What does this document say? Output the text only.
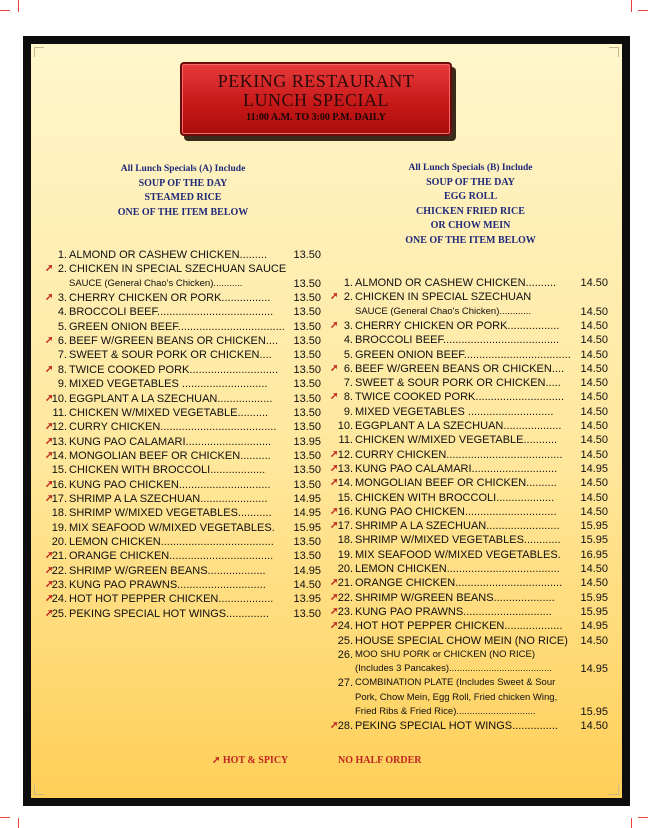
PEKING RESTAURANT
LUNCH SPECIAL
11:00 A.M. TO 3:00 P.M. DAILY
All Lunch Specials (A) Include
SOUP OF THE DAY
STEAMED RICE
ONE OF THE ITEM BELOW
All Lunch Specials (B) Include
SOUP OF THE DAY
EGG ROLL
CHICKEN FRIED RICE
OR CHOW MEIN
ONE OF THE ITEM BELOW
1. ALMOND OR CASHEW CHICKEN.........	13.50
➚ 2. CHICKEN IN SPECIAL SZECHUAN SAUCE
SAUCE (General Chao's Chicken)...........	13.50
➚ 3. CHERRY CHICKEN OR PORK................	13.50
4. BROCCOLI BEEF......................................	13.50
5. GREEN ONION BEEF................................... 13.50
➚ 6. BEEF W/GREEN BEANS OR CHICKEN....	13.50
7. SWEET & SOUR PORK OR CHICKEN....	13.50
➚ 8. TWICE COOKED PORK.............................	13.50
9. MIXED VEGETABLES ............................	13.50
➚
10. EGGPLANT A LA SZECHUAN..................	13.50
11. CHICKEN W/MIXED VEGETABLE..........	13.50
➚
12. CURRY CHICKEN......................................	13.50
➚
13. KUNG PAO CALAMARI............................	13.95
➚
14. MONGOLIAN BEEF OR CHICKEN..........	13.50
15. CHICKEN WITH BROCCOLI..................	13.50
➚
16. KUNG PAO CHICKEN..............................	13.50
➚
17. SHRIMP A LA SZECHUAN......................	14.95
18. SHRIMP W/MIXED VEGETABLES...........	14.95
19. MIX SEAFOOD W/MIXED VEGETABLES.	15.95
20. LEMON CHICKEN.....................................	13.50
➚
21. ORANGE CHICKEN..................................	13.50
➚
22. SHRIMP W/GREEN BEANS...................	14.95
➚
23. KUNG PAO PRAWNS.............................	14.50
➚
24. HOT HOT PEPPER CHICKEN..................	13.95
➚
25. PEKING SPECIAL HOT WINGS..............	13.50
1. ALMOND OR CASHEW CHICKEN..........	14.50
➚ 2. CHICKEN IN SPECIAL SZECHUAN
SAUCE (General Chao's Chicken)............	14.50
➚ 3. CHERRY CHICKEN OR PORK.................	14.50
4. BROCCOLI BEEF......................................	14.50
5. GREEN ONION BEEF................................... 14.50
➚ 6. BEEF W/GREEN BEANS OR CHICKEN....	14.50
7. SWEET & SOUR PORK OR CHICKEN.....	14.50
➚ 8. TWICE COOKED PORK.............................	14.50
9. MIXED VEGETABLES ............................	14.50
10. EGGPLANT A LA SZECHUAN...................	14.50
11. CHICKEN W/MIXED VEGETABLE...........	14.50
➚ 12. CURRY CHICKEN......................................	14.50
➚ 13. KUNG PAO CALAMARI............................	14.95
➚ 14. MONGOLIAN BEEF OR CHICKEN..........	14.50
15. CHICKEN WITH BROCCOLI...................	14.50
➚ 16. KUNG PAO CHICKEN..............................	14.50
➚ 17. SHRIMP A LA SZECHUAN........................	15.95
18. SHRIMP W/MIXED VEGETABLES............	15.95
19. MIX SEAFOOD W/MIXED VEGETABLES.	16.95
20. LEMON CHICKEN.....................................	14.50
➚ 21. ORANGE CHICKEN...................................	14.50
➚ 22. SHRIMP W/GREEN BEANS....................	15.95
➚ 23. KUNG PAO PRAWNS.............................	15.95
➚ 24. HOT HOT PEPPER CHICKEN...................	14.95
25. HOUSE SPECIAL CHOW MEIN (NO RICE)	14.50
26. MOO SHU PORK or CHICKEN (NO RICE)
(Includes 3 Pancakes).......................................	14.95
27. COMBINATION PLATE (Includes Sweet & Sour
Pork, Chow Mein, Egg Roll, Fried chicken Wing,
Fried Ribs & Fried Rice)..............................	15.95
➚ 28. PEKING SPECIAL HOT WINGS...............	14.50
➚ HOT & SPICY	NO HALF ORDER
